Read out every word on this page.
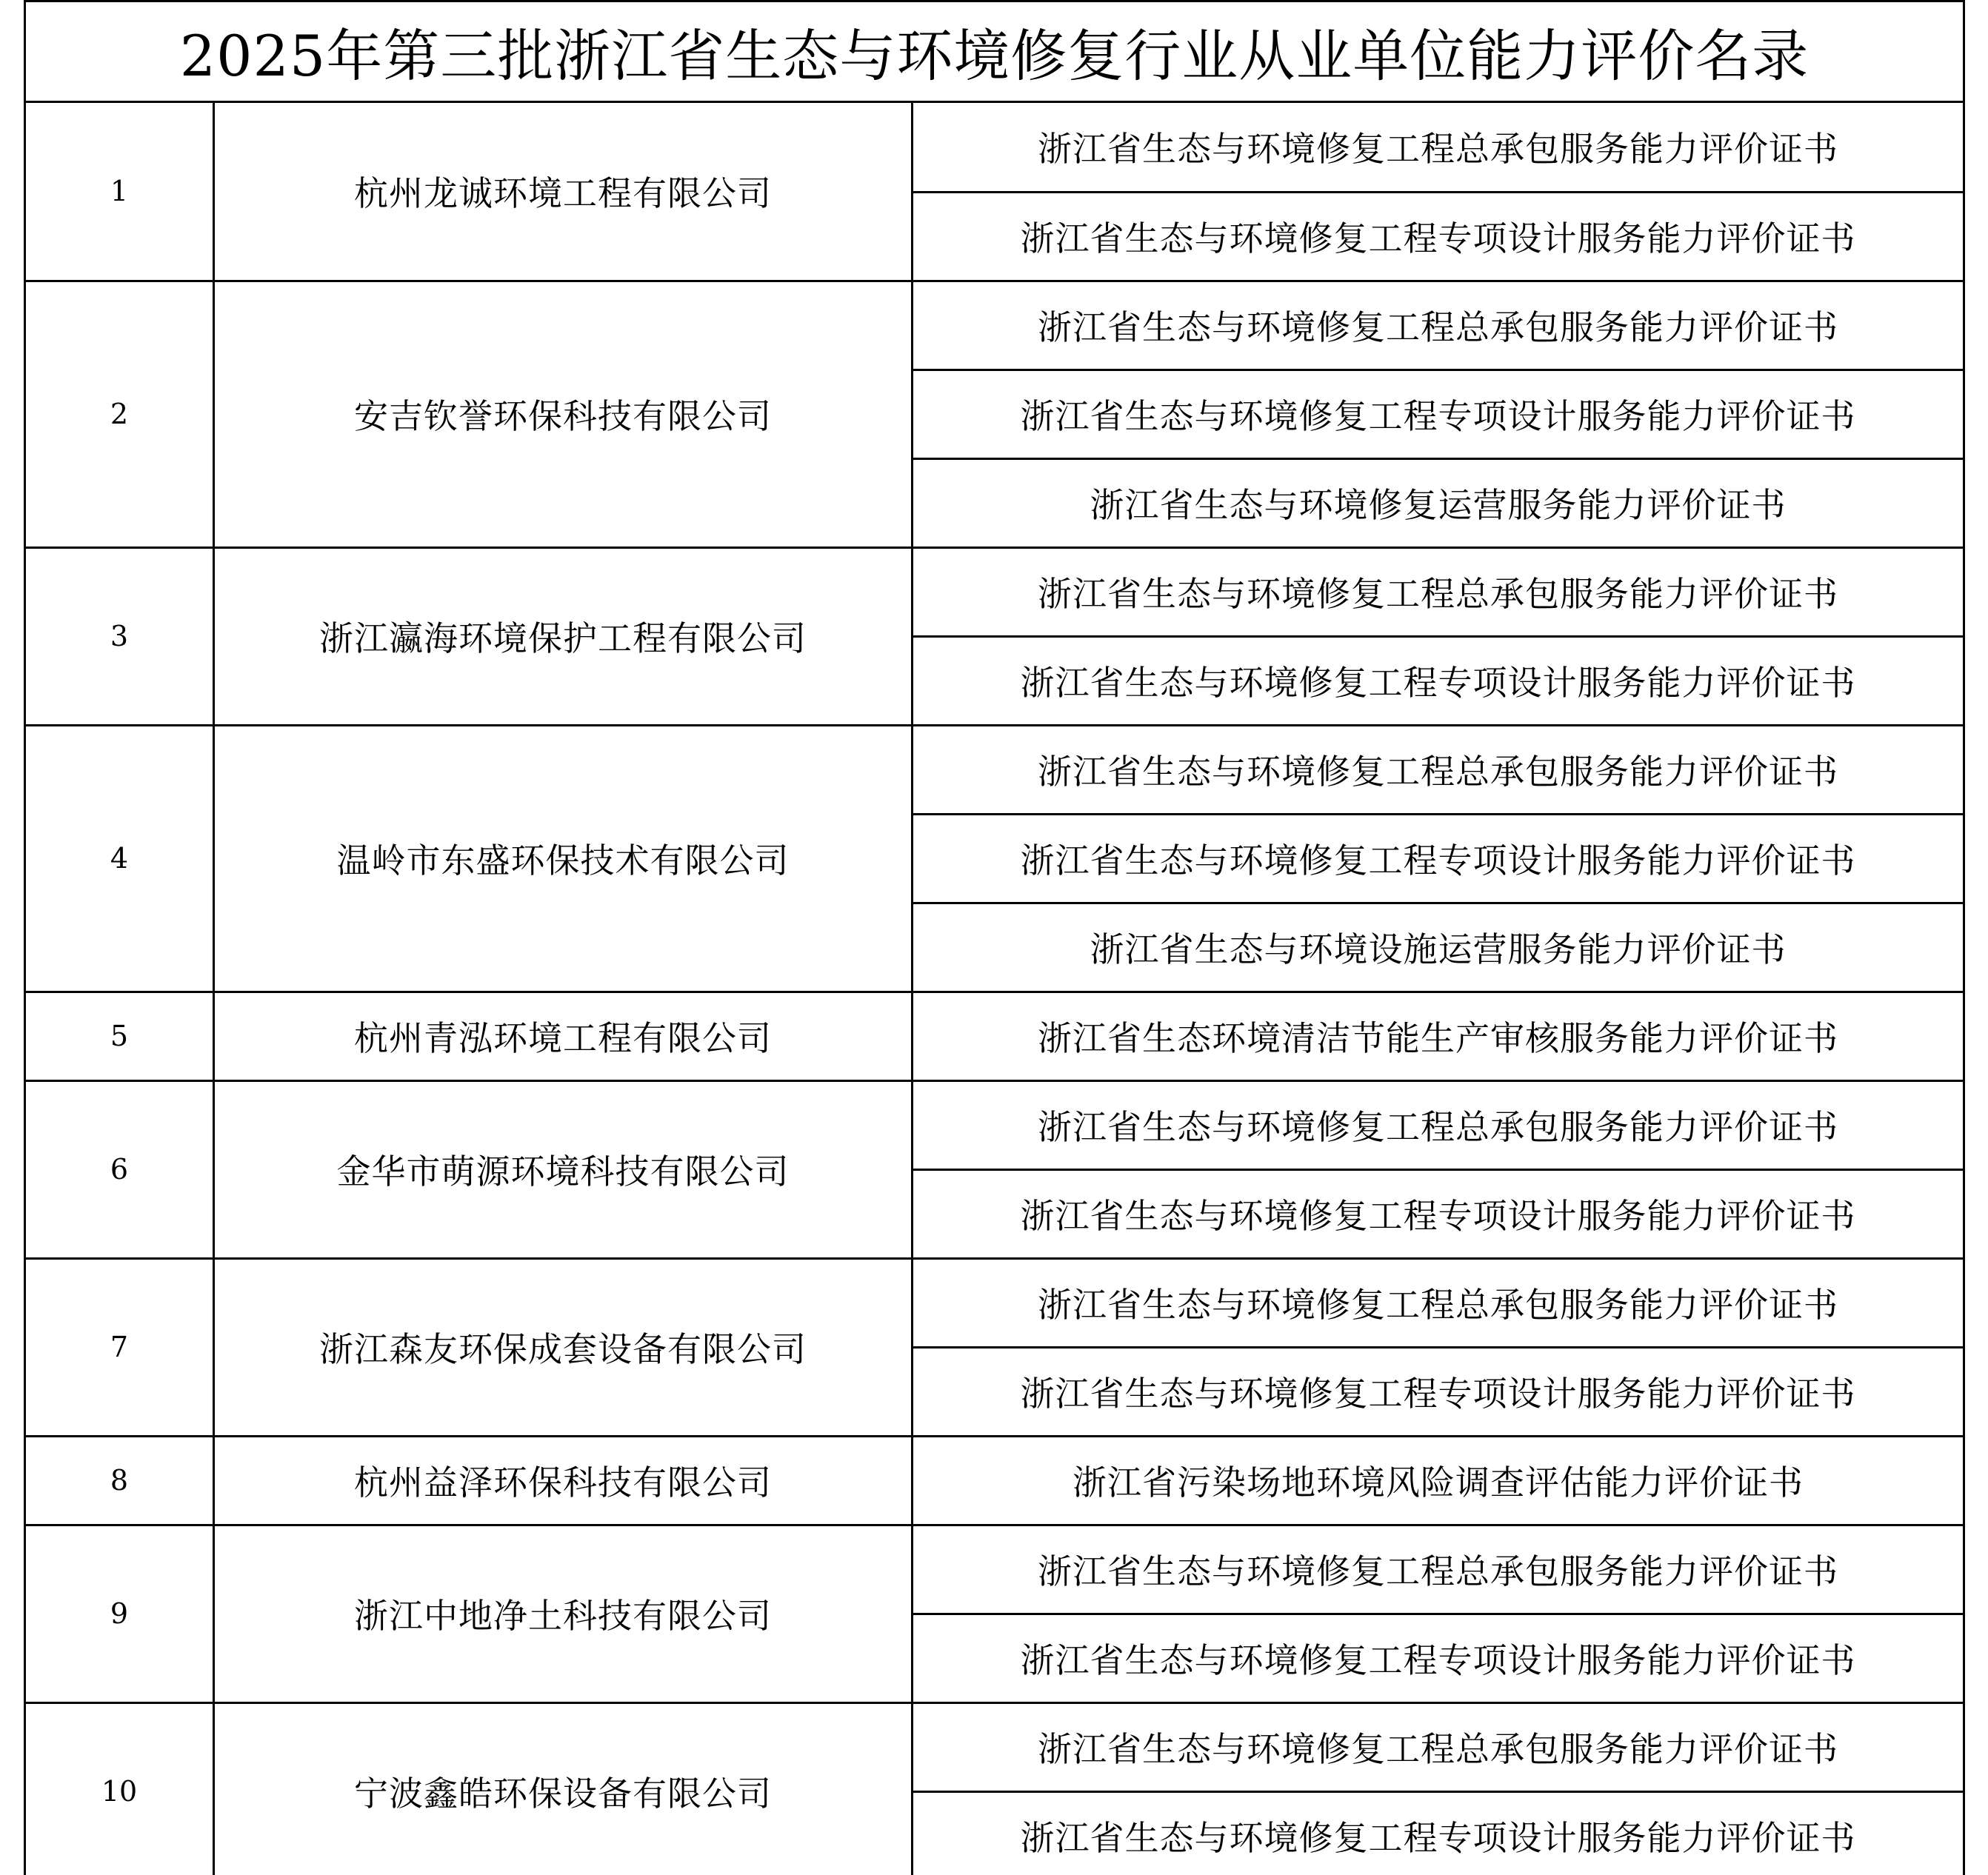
2025年第三批浙江省生态与环境修复行业从业单位能力评价名录
1	杭州龙诚环境工程有限公司	浙江省生态与环境修复工程总承包服务能力评价证书
		浙江省生态与环境修复工程专项设计服务能力评价证书
2	安吉钦誉环保科技有限公司	浙江省生态与环境修复工程总承包服务能力评价证书
		浙江省生态与环境修复工程专项设计服务能力评价证书
		浙江省生态与环境修复运营服务能力评价证书
3	浙江瀛海环境保护工程有限公司	浙江省生态与环境修复工程总承包服务能力评价证书
		浙江省生态与环境修复工程专项设计服务能力评价证书
4	温岭市东盛环保技术有限公司	浙江省生态与环境修复工程总承包服务能力评价证书
		浙江省生态与环境修复工程专项设计服务能力评价证书
		浙江省生态与环境设施运营服务能力评价证书
5	杭州青泓环境工程有限公司	浙江省生态环境清洁节能生产审核服务能力评价证书
6	金华市萌源环境科技有限公司	浙江省生态与环境修复工程总承包服务能力评价证书
		浙江省生态与环境修复工程专项设计服务能力评价证书
7	浙江森友环保成套设备有限公司	浙江省生态与环境修复工程总承包服务能力评价证书
		浙江省生态与环境修复工程专项设计服务能力评价证书
8	杭州益泽环保科技有限公司	浙江省污染场地环境风险调查评估能力评价证书
9	浙江中地净土科技有限公司	浙江省生态与环境修复工程总承包服务能力评价证书
		浙江省生态与环境修复工程专项设计服务能力评价证书
10	宁波鑫皓环保设备有限公司	浙江省生态与环境修复工程总承包服务能力评价证书
		浙江省生态与环境修复工程专项设计服务能力评价证书
